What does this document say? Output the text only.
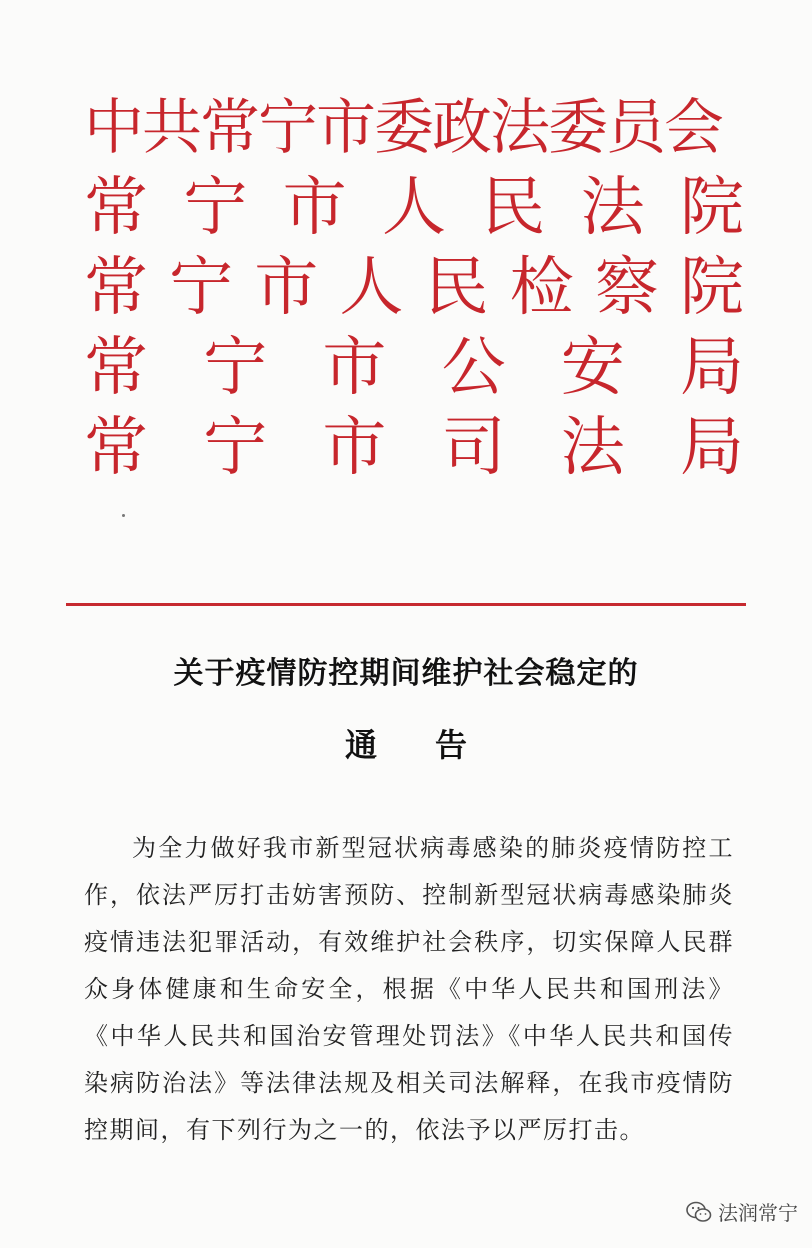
中共常宁市委政法委员会
常 宁 市 人 民 法 院
常 宁 市 人 民 检 察 院
常 宁 市 公 安 局
常 宁 市 司 法 局
关于疫情防控期间维护社会稳定的
通告
为全力做好我市新型冠状病毒感染的肺炎疫情防控工作，依法严厉打击妨害预防、控制新型冠状病毒感染肺炎疫情违法犯罪活动，有效维护社会秩序，切实保障人民群众身体健康和生命安全，根据《中华人民共和国刑法》《中华人民共和国治安管理处罚法》《中华人民共和国传染病防治法》等法律法规及相关司法解释，在我市疫情防控期间，有下列行为之一的，依法予以严厉打击。
法润常宁
